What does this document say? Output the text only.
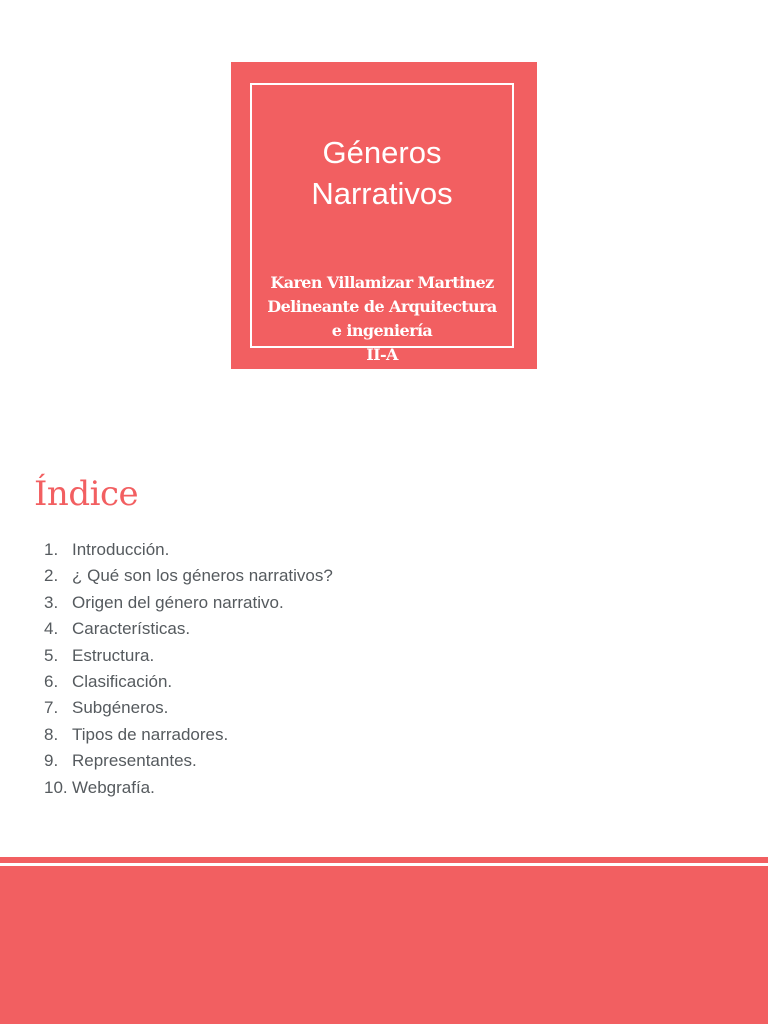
Géneros
Narrativos
Karen Villamizar Martinez
Delineante de Arquitectura
e ingeniería
II-A
Índice
1. Introducción.
2. ¿ Qué son los géneros narrativos?
3. Origen del género narrativo.
4. Características.
5. Estructura.
6. Clasificación.
7. Subgéneros.
8. Tipos de narradores.
9. Representantes.
10. Webgrafía.
